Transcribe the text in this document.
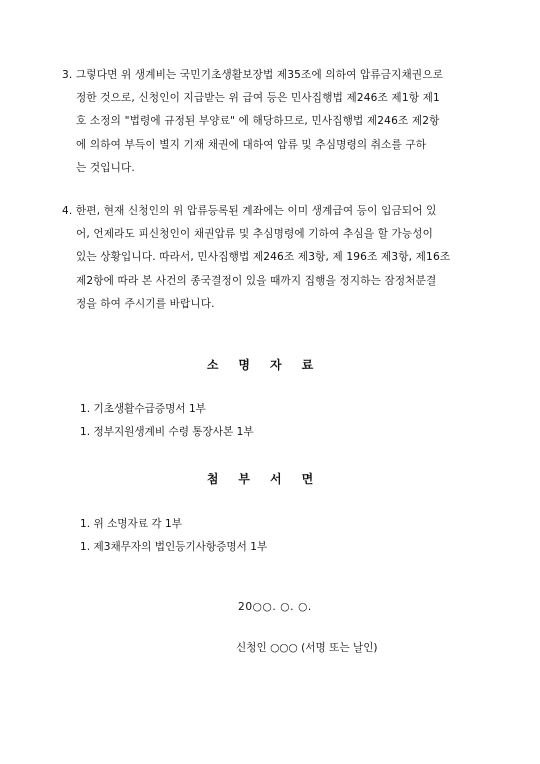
3. 그렇다면 위 생계비는 국민기초생활보장법 제35조에 의하여 압류금지채권으로
정한 것으로, 신청인이 지급받는 위 급여 등은 민사집행법 제246조 제1항 제1
호 소정의 "법령에 규정된 부양료" 에 해당하므로, 민사집행법 제246조 제2항
에 의하여 부득이 별지 기재 채권에 대하여 압류 및 추심명령의 취소를 구하
는 것입니다.
4. 한편, 현재 신청인의 위 압류등록된 계좌에는 이미 생계급여 등이 입금되어 있
어, 언제라도 피신청인이 채권압류 및 추심명령에 기하여 추심을 할 가능성이
있는 상황입니다. 따라서, 민사집행법 제246조 제3항, 제 196조 제3항, 제16조
제2항에 따라 본 사건의 종국결정이 있을 때까지 집행을 정지하는 잠정처분결
정을 하여 주시기를 바랍니다.
소명자료
1. 기초생활수급증명서 1부
1. 정부지원생계비 수령 통장사본 1부
첨부서면
1. 위 소명자료 각 1부
1. 제3채무자의 법인등기사항증명서 1부
20○○. ○. ○.
신청인 ○○○ (서명 또는 날인)
